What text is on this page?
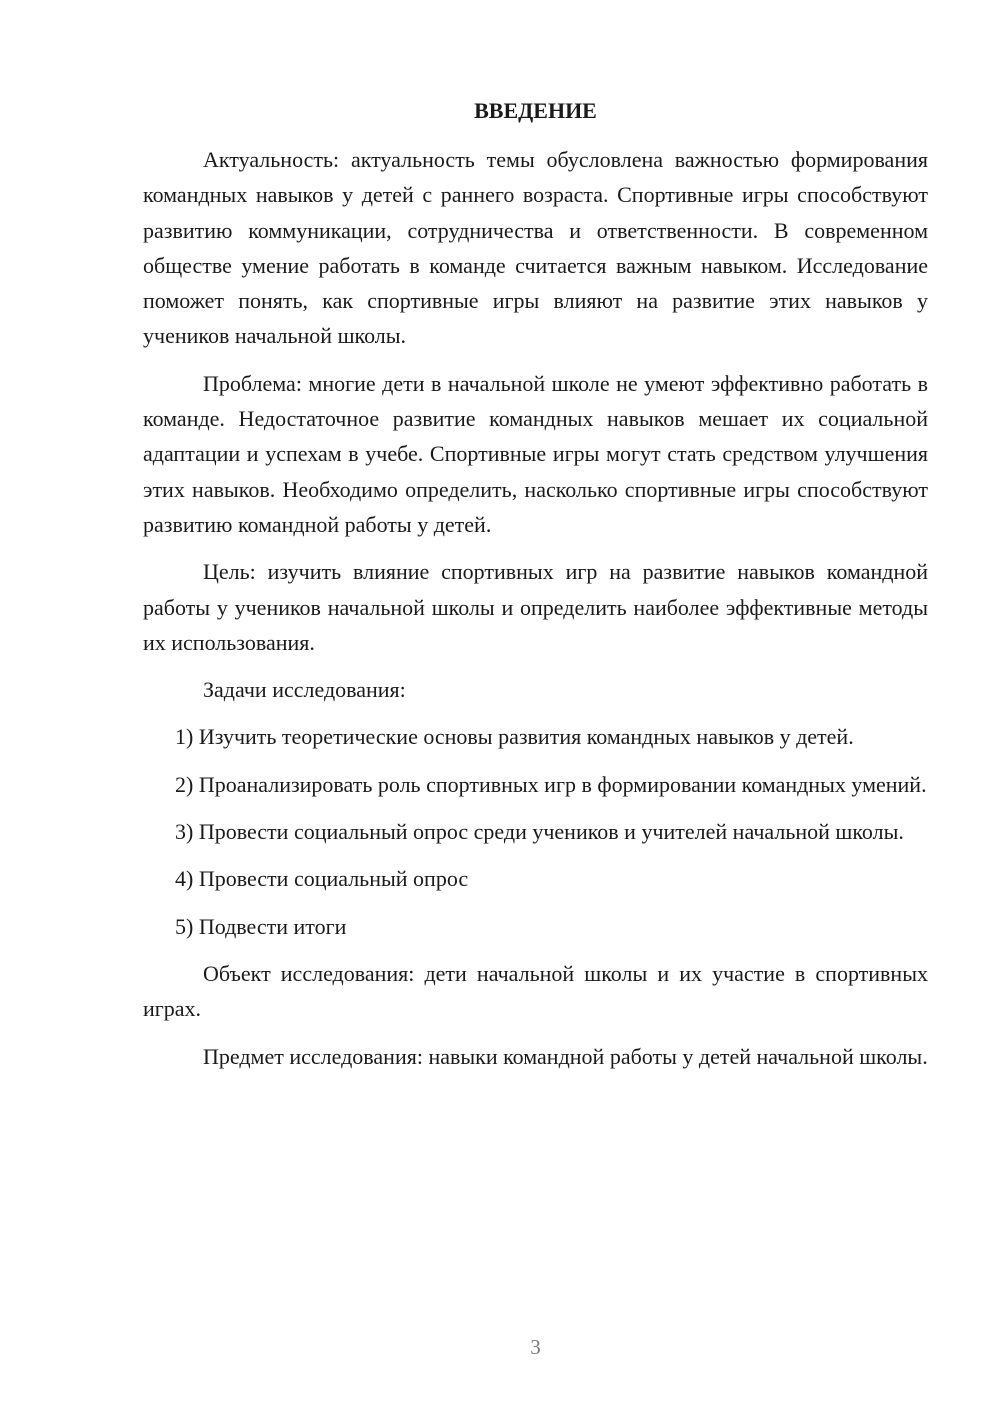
ВВЕДЕНИЕ

Актуальность: актуальность темы обусловлена важностью формирования командных навыков у детей с раннего возраста. Спортивные игры способствуют развитию коммуникации, сотрудничества и ответственности. В современном обществе умение работать в команде считается важным навыком. Исследование поможет понять, как спортивные игры влияют на развитие этих навыков у учеников начальной школы.

Проблема: многие дети в начальной школе не умеют эффективно работать в команде. Недостаточное развитие командных навыков мешает их социальной адаптации и успехам в учебе. Спортивные игры могут стать средством улучшения этих навыков. Необходимо определить, насколько спортивные игры способствуют развитию командной работы у детей.

Цель: изучить влияние спортивных игр на развитие навыков командной работы у учеников начальной школы и определить наиболее эффективные методы их использования.

Задачи исследования:

1) Изучить теоретические основы развития командных навыков у детей.

2) Проанализировать роль спортивных игр в формировании командных умений.

3) Провести социальный опрос среди учеников и учителей начальной школы.

4) Провести социальный опрос

5) Подвести итоги

Объект исследования: дети начальной школы и их участие в спортивных играх.

Предмет исследования: навыки командной работы у детей начальной школы.

3
